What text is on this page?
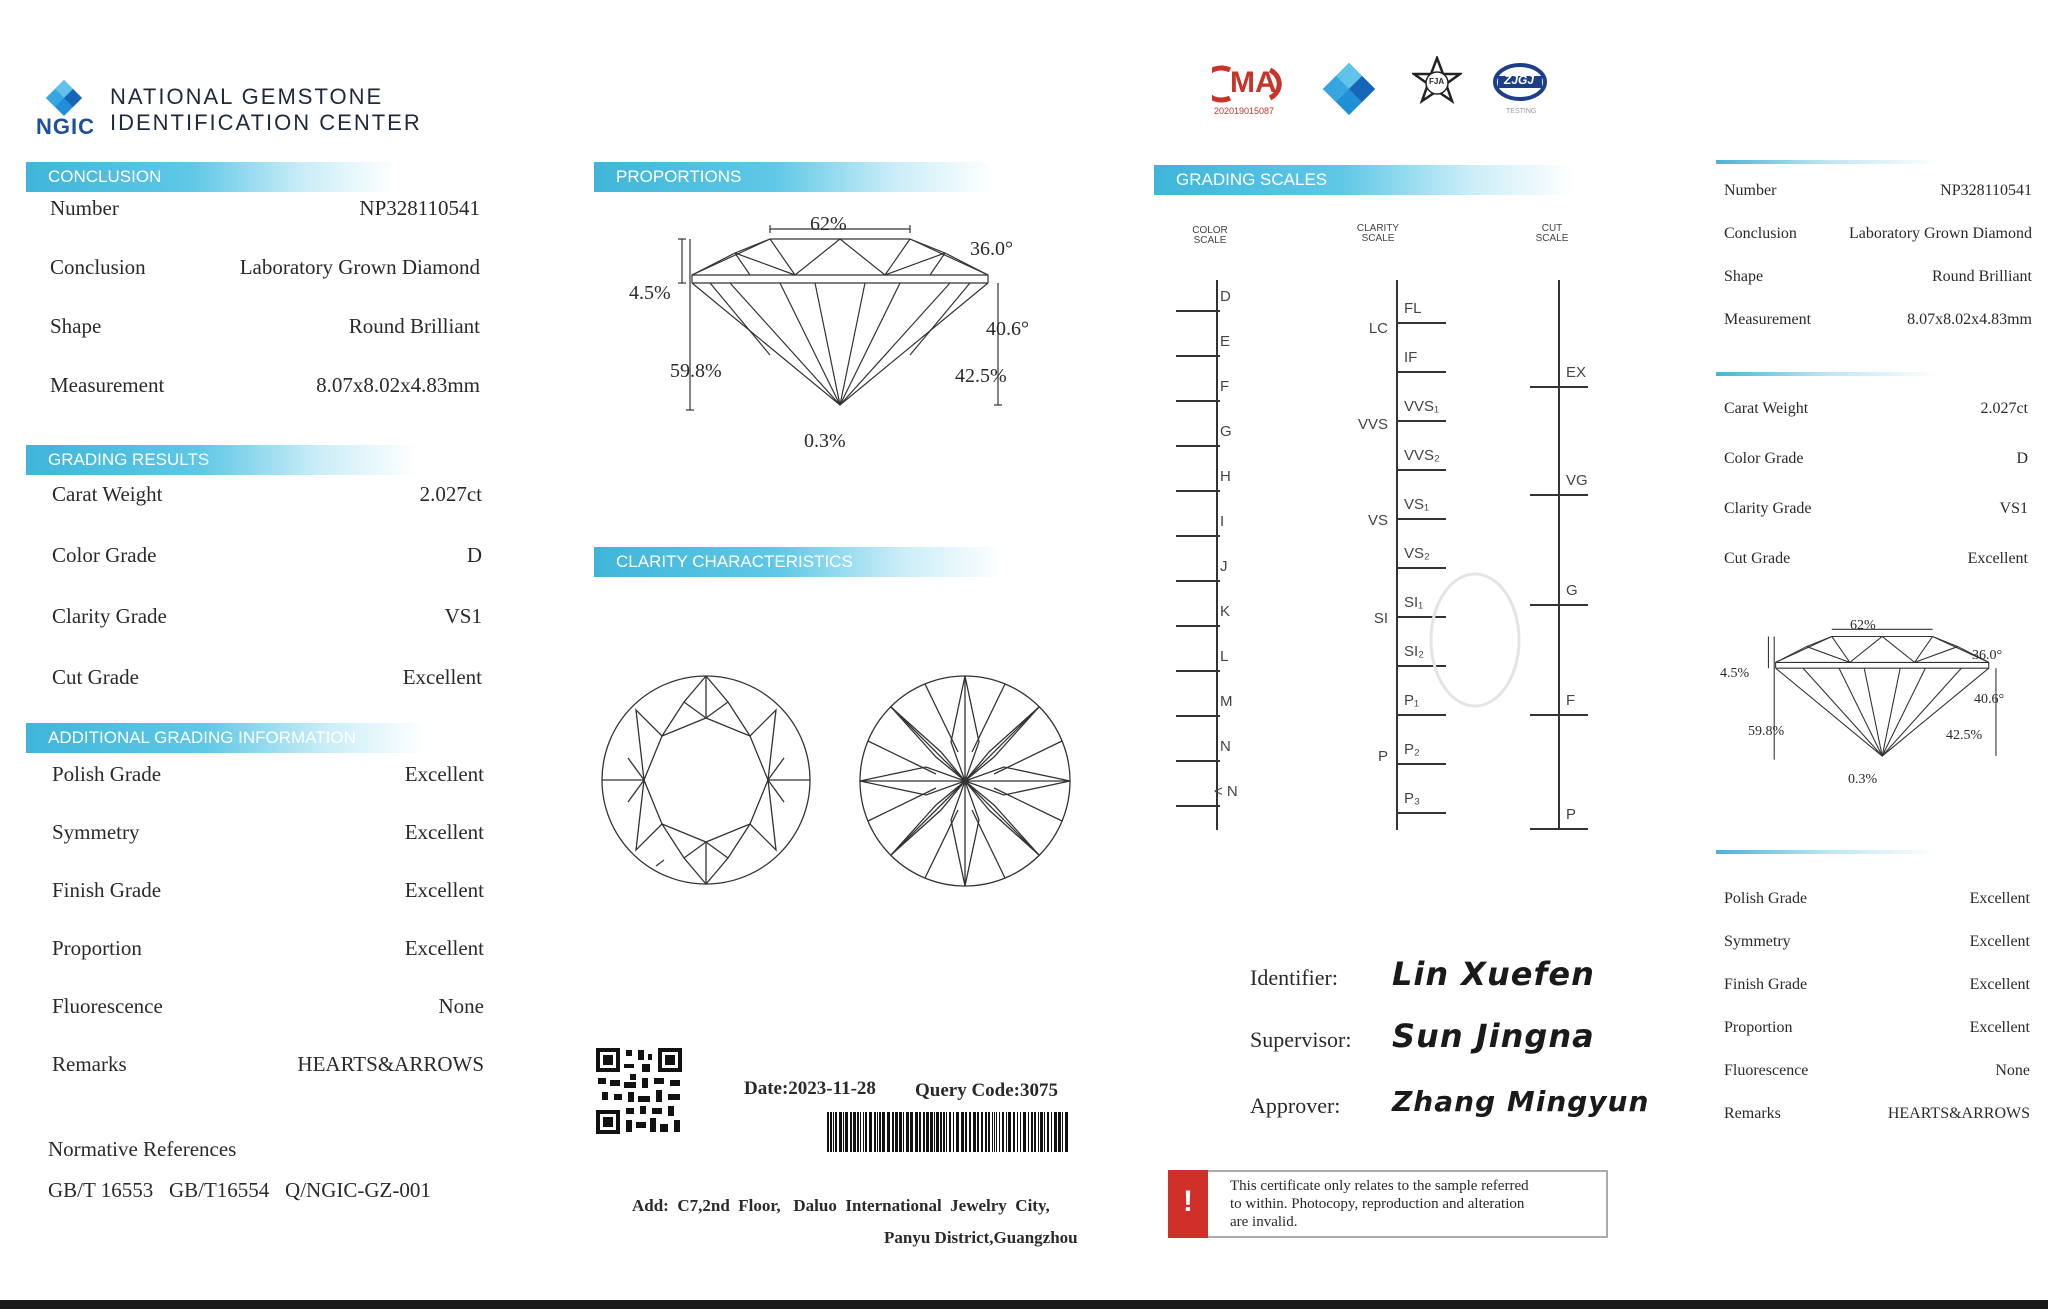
NGIC
NATIONAL GEMSTONE
IDENTIFICATION CENTER
CONCLUSION
Number	NP328110541
Conclusion	Laboratory Grown Diamond
Shape	Round Brilliant
Measurement	8.07x8.02x4.83mm
GRADING RESULTS
Carat Weight	2.027ct
Color Grade	D
Clarity Grade	VS1
Cut Grade	Excellent
ADDITIONAL GRADING INFORMATION
Polish Grade	Excellent
Symmetry	Excellent
Finish Grade	Excellent
Proportion	Excellent
Fluorescence	None
Remarks	HEARTS&ARROWS
Normative References
GB/T 16553   GB/T16554   Q/NGIC-GZ-001
PROPORTIONS
62%
36.0°
4.5%
40.6°
59.8%	42.5%
0.3%
CLARITY CHARACTERISTICS
Date:2023-11-28 Query Code:3075
Add:  C7,2nd  Floor,   Daluo  International  Jewelry  City,
Panyu District,Guangzhou
MA
202019015087
FJA	ZJGJ
TESTING
GRADING SCALES
COLOR
SCALE
CLARITY
SCALE
CUT
SCALE
D
E
F
G
H
I
J
K
L
M
N
< N
FL
IF
VVS₁
VVS₂
VS₁
VS₂
SI₁
SI₂
P₁
P₂
P₃
LC
VVS
VS
SI
P
EX
VG
G
F
P
Identifier: Lin Xuefen
Supervisor: Sun Jingna
Approver: Zhang Mingyun
!	This certificate only relates to the sample referred
to within. Photocopy, reproduction and alteration
are invalid.
Number	NP328110541
Conclusion	Laboratory Grown Diamond
Shape	Round Brilliant
Measurement	8.07x8.02x4.83mm
Carat Weight	2.027ct
Color Grade	D
Clarity Grade	VS1
Cut Grade	Excellent
62%
36.0°
4.5%
40.6°
59.8%	42.5%
0.3%
Polish Grade	Excellent
Symmetry	Excellent
Finish Grade	Excellent
Proportion	Excellent
Fluorescence	None
Remarks	HEARTS&ARROWS
